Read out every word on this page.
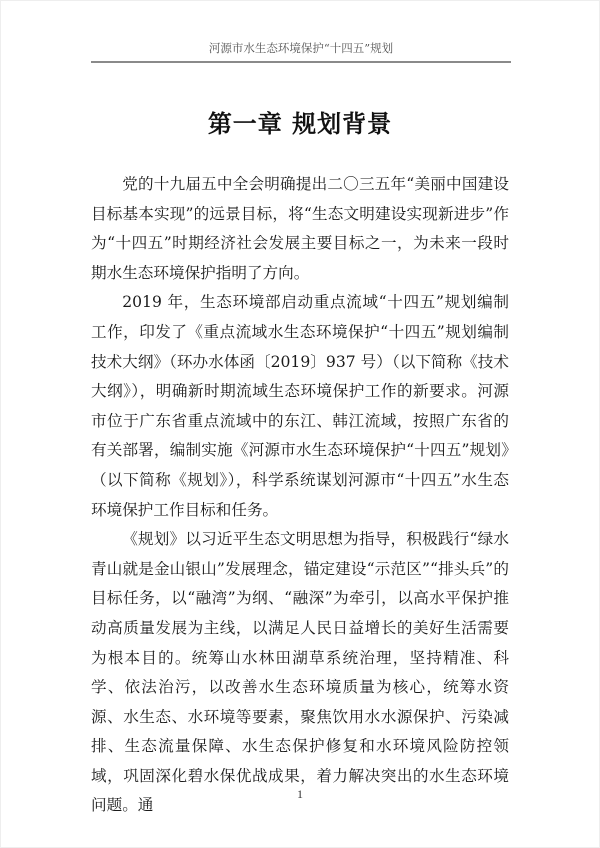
河源市水生态环境保护“十四五”规划
第一章 规划背景

党的十九届五中全会明确提出二〇三五年“美丽中国建设目标基本实现”的远景目标，将“生态文明建设实现新进步”作为“十四五”时期经济社会发展主要目标之一，为未来一段时期水生态环境保护指明了方向。

2019 年，生态环境部启动重点流域“十四五”规划编制工作，印发了《重点流域水生态环境保护“十四五”规划编制技术大纲》（环办水体函〔2019〕937 号）（以下简称《技术大纲》），明确新时期流域生态环境保护工作的新要求。河源市位于广东省重点流域中的东江、韩江流域，按照广东省的有关部署，编制实施《河源市水生态环境保护“十四五”规划》（以下简称《规划》），科学系统谋划河源市“十四五”水生态环境保护工作目标和任务。

《规划》以习近平生态文明思想为指导，积极践行“绿水青山就是金山银山”发展理念，锚定建设“示范区”“排头兵”的目标任务，以“融湾”为纲、“融深”为牵引，以高水平保护推动高质量发展为主线，以满足人民日益增长的美好生活需要为根本目的。统筹山水林田湖草系统治理，坚持精准、科学、依法治污，以改善水生态环境质量为核心，统筹水资源、水生态、水环境等要素，聚焦饮用水水源保护、污染减排、生态流量保障、水生态保护修复和水环境风险防控领域，巩固深化碧水保优战成果，着力解决突出的水生态环境问题。通

1
